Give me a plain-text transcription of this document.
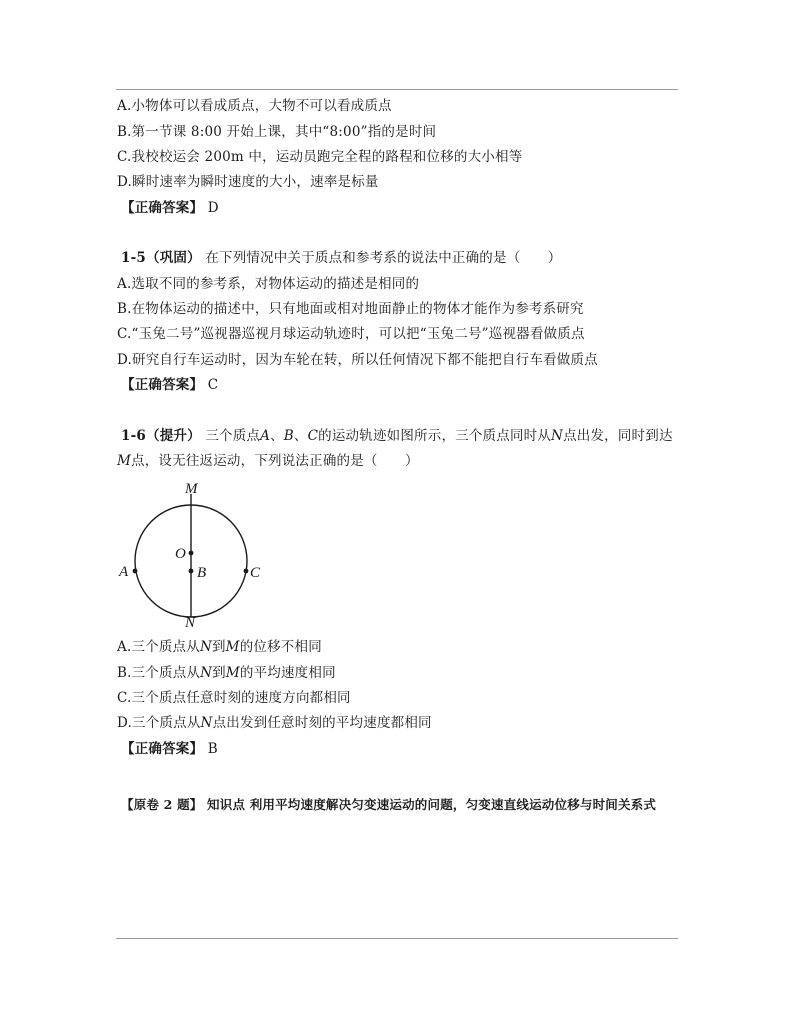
A.小物体可以看成质点，大物不可以看成质点
B.第一节课 8:00 开始上课，其中“8:00”指的是时间
C.我校校运会 200m 中，运动员跑完全程的路程和位移的大小相等
D.瞬时速率为瞬时速度的大小，速率是标量
【正确答案】 D
1-5（巩固） 在下列情况中关于质点和参考系的说法中正确的是（　　）
A.选取不同的参考系，对物体运动的描述是相同的
B.在物体运动的描述中，只有地面或相对地面静止的物体才能作为参考系研究
C.“玉兔二号”巡视器巡视月球运动轨迹时，可以把“玉兔二号”巡视器看做质点
D.研究自行车运动时，因为车轮在转，所以任何情况下都不能把自行车看做质点
【正确答案】 C
1-6（提升） 三个质点A、B、C的运动轨迹如图所示，三个质点同时从N点出发，同时到达
M点，设无往返运动，下列说法正确的是（　　）
M
N
O
B
A	C
A.三个质点从N到M的位移不相同
B.三个质点从N到M的平均速度相同
C.三个质点任意时刻的速度方向都相同
D.三个质点从N点出发到任意时刻的平均速度都相同
【正确答案】 B
【原卷 2 题】 知识点 利用平均速度解决匀变速运动的问题，匀变速直线运动位移与时间关系式
